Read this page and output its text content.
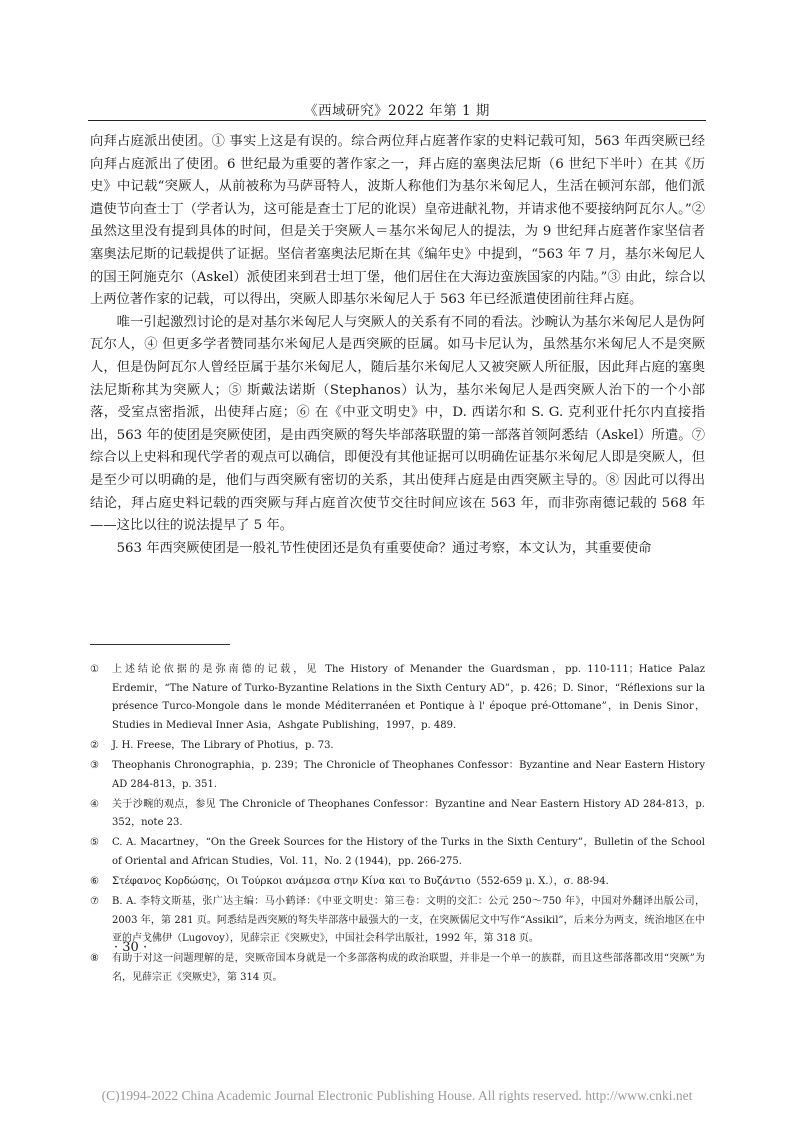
《西域研究》2022 年第 1 期

向拜占庭派出使团。① 事实上这是有误的。综合两位拜占庭著作家的史料记载可知，563 年西突厥已经向拜占庭派出了使团。6 世纪最为重要的著作家之一，拜占庭的塞奥法尼斯（6 世纪下半叶）在其《历史》中记载“突厥人，从前被称为马萨哥特人，波斯人称他们为基尔米匈尼人，生活在顿河东部，他们派遣使节向查士丁（学者认为，这可能是查士丁尼的讹误）皇帝进献礼物，并请求他不要接纳阿瓦尔人。”② 虽然这里没有提到具体的时间，但是关于突厥人＝基尔米匈尼人的提法，为 9 世纪拜占庭著作家坚信者塞奥法尼斯的记载提供了证据。坚信者塞奥法尼斯在其《编年史》中提到，“563 年 7 月，基尔米匈尼人的国王阿施克尔（Askel）派使团来到君士坦丁堡，他们居住在大海边蛮族国家的内陆。”③ 由此，综合以上两位著作家的记载，可以得出，突厥人即基尔米匈尼人于 563 年已经派遣使团前往拜占庭。

唯一引起激烈讨论的是对基尔米匈尼人与突厥人的关系有不同的看法。沙畹认为基尔米匈尼人是伪阿瓦尔人，④ 但更多学者赞同基尔米匈尼人是西突厥的臣属。如马卡尼认为，虽然基尔米匈尼人不是突厥人，但是伪阿瓦尔人曾经臣属于基尔米匈尼人，随后基尔米匈尼人又被突厥人所征服，因此拜占庭的塞奥法尼斯称其为突厥人；⑤ 斯戴法诺斯（Stephanos）认为，基尔米匈尼人是西突厥人治下的一个小部落，受室点密指派，出使拜占庭；⑥ 在《中亚文明史》中，D. 西诺尔和 S. G. 克利亚什托尔内直接指出，563 年的使团是突厥使团，是由西突厥的弩失毕部落联盟的第一部落首领阿悉结（Askel）所遣。⑦ 综合以上史料和现代学者的观点可以确信，即便没有其他证据可以明确佐证基尔米匈尼人即是突厥人，但是至少可以明确的是，他们与西突厥有密切的关系，其出使拜占庭是由西突厥主导的。⑧ 因此可以得出结论，拜占庭史料记载的西突厥与拜占庭首次使节交往时间应该在 563 年，而非弥南德记载的 568 年——这比以往的说法提早了 5 年。

563 年西突厥使团是一般礼节性使团还是负有重要使命？通过考察，本文认为，其重要使命

①	上述结论依据的是弥南德的记载，见 The History of Menander the Guardsman，pp. 110-111；Hatice Palaz Erdemir，“The Nature of Turko-Byzantine Relations in the Sixth Century AD”，p. 426；D. Sinor，“Réflexions sur la présence Turco-Mongole dans le monde Méditerranéen et Pontique à l' époque pré-Ottomane”，in Denis Sinor，Studies in Medieval Inner Asia，Ashgate Publishing，1997，p. 489.
②	J. H. Freese，The Library of Photius，p. 73.
③	Theophanis Chronographia，p. 239；The Chronicle of Theophanes Confessor：Byzantine and Near Eastern History AD 284-813，p. 351.
④	关于沙畹的观点，参见 The Chronicle of Theophanes Confessor：Byzantine and Near Eastern History AD 284-813，p. 352，note 23.
⑤	C. A. Macartney，“On the Greek Sources for the History of the Turks in the Sixth Century”，Bulletin of the School of Oriental and African Studies，Vol. 11，No. 2 (1944)，pp. 266-275.
⑥	Στέφανος Κορδώσης，Οι Τούρκοι ανάμεσα στην Κίνα και το Βυζάντιο（552-659 μ. Χ.），σ. 88-94.
⑦	B. A. 李特文斯基，张广达主编：马小鹤译：《中亚文明史：第三卷：文明的交汇：公元 250～750 年》，中国对外翻译出版公司，2003 年，第 281 页。阿悉结是西突厥的弩失毕部落中最强大的一支，在突厥儒尼文中写作“Assikil”，后来分为两支，统治地区在中亚的卢戈佛伊（Lugovoy），见薛宗正《突厥史》，中国社会科学出版社，1992 年，第 318 页。
⑧	有助于对这一问题理解的是，突厥帝国本身就是一个多部落构成的政治联盟，并非是一个单一的族群，而且这些部落都改用“突厥”为名，见薛宗正《突厥史》，第 314 页。
· 30 ·
(C)1994-2022 China Academic Journal Electronic Publishing House. All rights reserved. http://www.cnki.net
